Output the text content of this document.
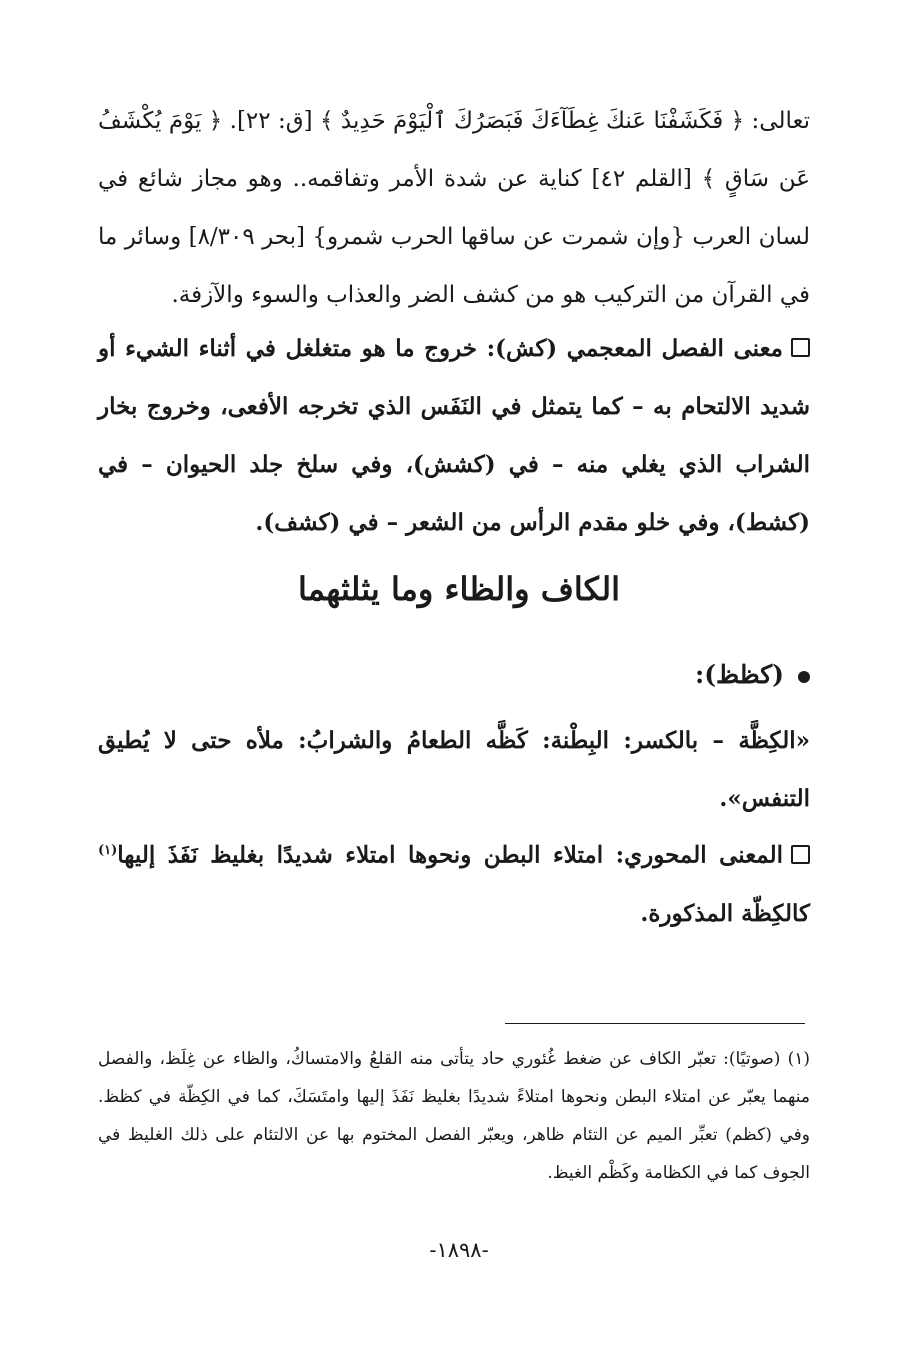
تعالى: ﴿ فَكَشَفْنَا عَنكَ غِطَآءَكَ فَبَصَرُكَ ٱلْيَوْمَ حَدِيدٌ ﴾ [ق: ٢٢]. ﴿ يَوْمَ يُكْشَفُ عَن سَاقٍ ﴾ [القلم ٤٢] كناية عن شدة الأمر وتفاقمه.. وهو مجاز شائع في لسان العرب {وإن شمرت عن ساقها الحرب شمرو} [بحر ٨/٣٠٩] وسائر ما في القرآن من التركيب هو من كشف الضر والعذاب والسوء والآزفة.

معنى الفصل المعجمي (كش): خروج ما هو متغلغل في أثناء الشيء أو شديد الالتحام به – كما يتمثل في النَفَس الذي تخرجه الأفعى، وخروج بخار الشراب الذي يغلي منه – في (كشش)، وفي سلخ جلد الحيوان – في (كشط)، وفي خلو مقدم الرأس من الشعر – في (كشف).

الكاف والظاء وما يثلثهما
(كظظ):

«الكِظَّة – بالكسر: البِطْنة: كَظَّه الطعامُ والشرابُ: ملأه حتى لا يُطيق التنفس».

المعنى المحوري: امتلاء البطن ونحوها امتلاء شديدًا بغليظ نَفَذَ إليها$^{(١)}$ كالكِظّة المذكورة.

(١) (صوتيًا): تعبّر الكاف عن ضغط غُئوري حاد يتأتى منه القلعُ والامتساكُ، والظاء عن غِلَظ، والفصل منهما يعبّر عن امتلاء البطن ونحوها امتلاءً شديدًا بغليظ نَفَذَ إليها وامتَسَكَ، كما في الكِظّة في كظظ. وفي (كظم) تعبِّر الميم عن التئام ظاهر، ويعبّر الفصل المختوم بها عن الالتئام على ذلك الغليظ في الجوف كما في الكظامة وكَظْم الغيظ.

-١٨٩٨-
